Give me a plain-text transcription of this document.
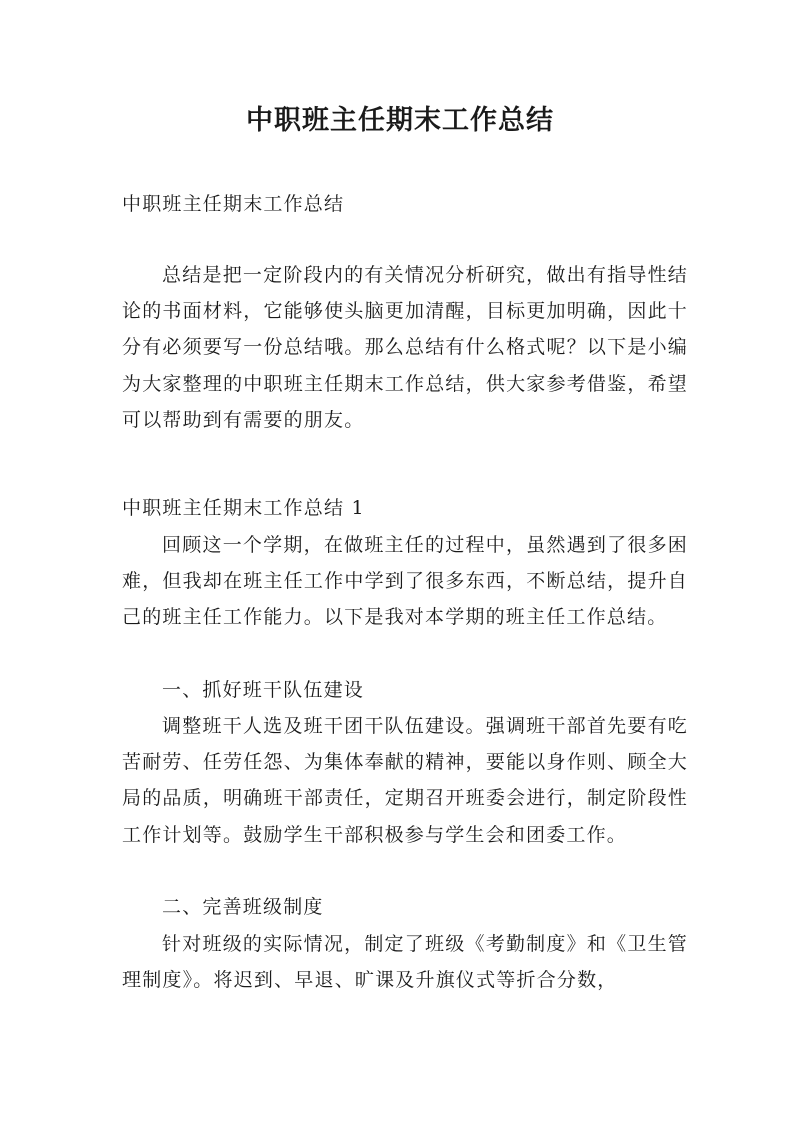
中职班主任期末工作总结

中职班主任期末工作总结

总结是把一定阶段内的有关情况分析研究，做出有指导性结论的书面材料，它能够使头脑更加清醒，目标更加明确，因此十分有必须要写一份总结哦。那么总结有什么格式呢？以下是小编为大家整理的中职班主任期末工作总结，供大家参考借鉴，希望可以帮助到有需要的朋友。

中职班主任期末工作总结 1

回顾这一个学期，在做班主任的过程中，虽然遇到了很多困难，但我却在班主任工作中学到了很多东西，不断总结，提升自己的班主任工作能力。以下是我对本学期的班主任工作总结。

一、抓好班干队伍建设

调整班干人选及班干团干队伍建设。强调班干部首先要有吃苦耐劳、任劳任怨、为集体奉献的精神，要能以身作则、顾全大局的品质，明确班干部责任，定期召开班委会进行，制定阶段性工作计划等。鼓励学生干部积极参与学生会和团委工作。

二、完善班级制度

针对班级的实际情况，制定了班级《考勤制度》和《卫生管理制度》。将迟到、早退、旷课及升旗仪式等折合分数，
